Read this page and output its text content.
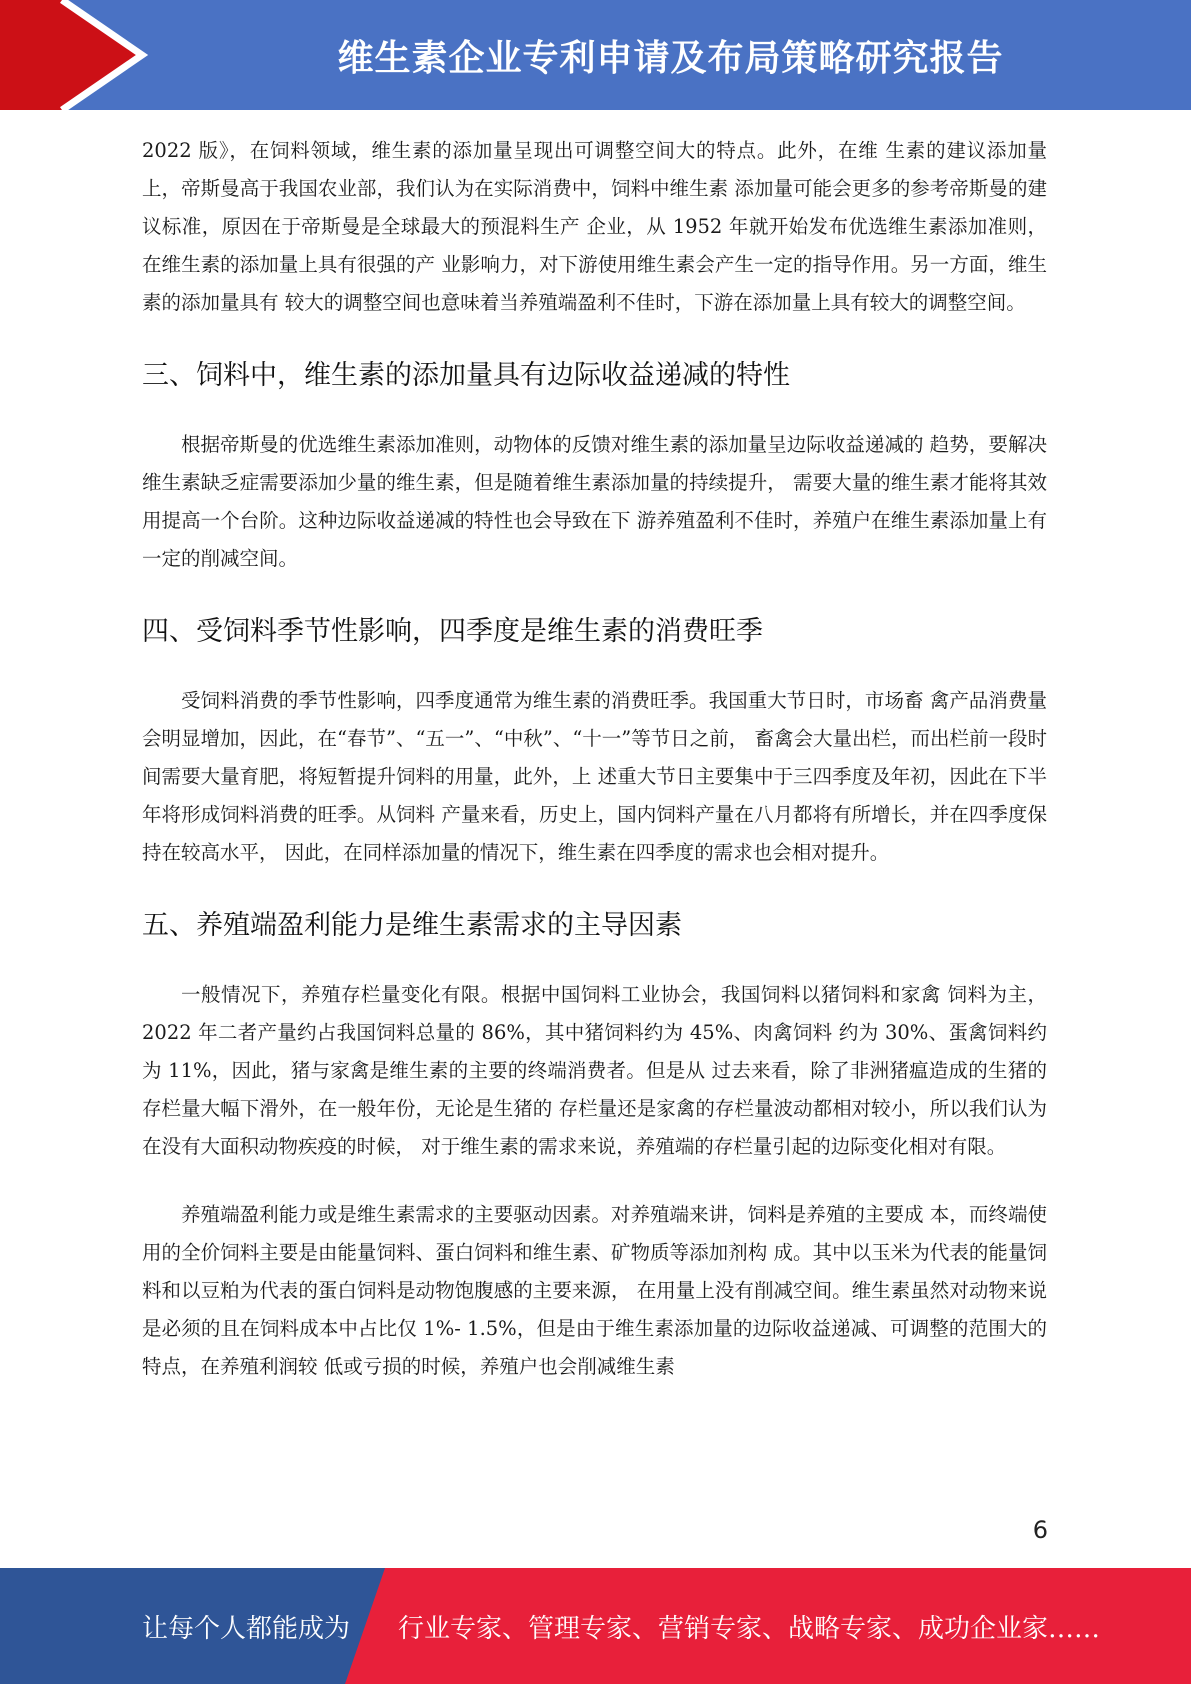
维生素企业专利申请及布局策略研究报告

2022 版》，在饲料领域，维生素的添加量呈现出可调整空间大的特点。此外，在维 生素的建议添加量上，帝斯曼高于我国农业部，我们认为在实际消费中，饲料中维生素 添加量可能会更多的参考帝斯曼的建议标准，原因在于帝斯曼是全球最大的预混料生产 企业，从 1952 年就开始发布优选维生素添加准则，在维生素的添加量上具有很强的产 业影响力，对下游使用维生素会产生一定的指导作用。另一方面，维生素的添加量具有 较大的调整空间也意味着当养殖端盈利不佳时，下游在添加量上具有较大的调整空间。

三、饲料中，维生素的添加量具有边际收益递减的特性

根据帝斯曼的优选维生素添加准则，动物体的反馈对维生素的添加量呈边际收益递减的 趋势，要解决维生素缺乏症需要添加少量的维生素，但是随着维生素添加量的持续提升， 需要大量的维生素才能将其效用提高一个台阶。这种边际收益递减的特性也会导致在下 游养殖盈利不佳时，养殖户在维生素添加量上有一定的削减空间。

四、受饲料季节性影响，四季度是维生素的消费旺季

受饲料消费的季节性影响，四季度通常为维生素的消费旺季。我国重大节日时，市场畜 禽产品消费量会明显增加，因此，在“春节”、“五一”、“中秋”、“十一”等节日之前， 畜禽会大量出栏，而出栏前一段时间需要大量育肥，将短暂提升饲料的用量，此外，上 述重大节日主要集中于三四季度及年初，因此在下半年将形成饲料消费的旺季。从饲料 产量来看，历史上，国内饲料产量在八月都将有所增长，并在四季度保持在较高水平， 因此，在同样添加量的情况下，维生素在四季度的需求也会相对提升。

五、养殖端盈利能力是维生素需求的主导因素

一般情况下，养殖存栏量变化有限。根据中国饲料工业协会，我国饲料以猪饲料和家禽 饲料为主，2022 年二者产量约占我国饲料总量的 86%，其中猪饲料约为 45%、肉禽饲料 约为 30%、蛋禽饲料约为 11%，因此，猪与家禽是维生素的主要的终端消费者。但是从 过去来看，除了非洲猪瘟造成的生猪的存栏量大幅下滑外，在一般年份，无论是生猪的 存栏量还是家禽的存栏量波动都相对较小，所以我们认为在没有大面积动物疾疫的时候， 对于维生素的需求来说，养殖端的存栏量引起的边际变化相对有限。

养殖端盈利能力或是维生素需求的主要驱动因素。对养殖端来讲，饲料是养殖的主要成 本，而终端使用的全价饲料主要是由能量饲料、蛋白饲料和维生素、矿物质等添加剂构 成。其中以玉米为代表的能量饲料和以豆粕为代表的蛋白饲料是动物饱腹感的主要来源， 在用量上没有削减空间。维生素虽然对动物来说是必须的且在饲料成本中占比仅 1%- 1.5%，但是由于维生素添加量的边际收益递减、可调整的范围大的特点，在养殖利润较 低或亏损的时候，养殖户也会削减维生素

6
让每个人都能成为 行业专家、管理专家、营销专家、战略专家、成功企业家……
